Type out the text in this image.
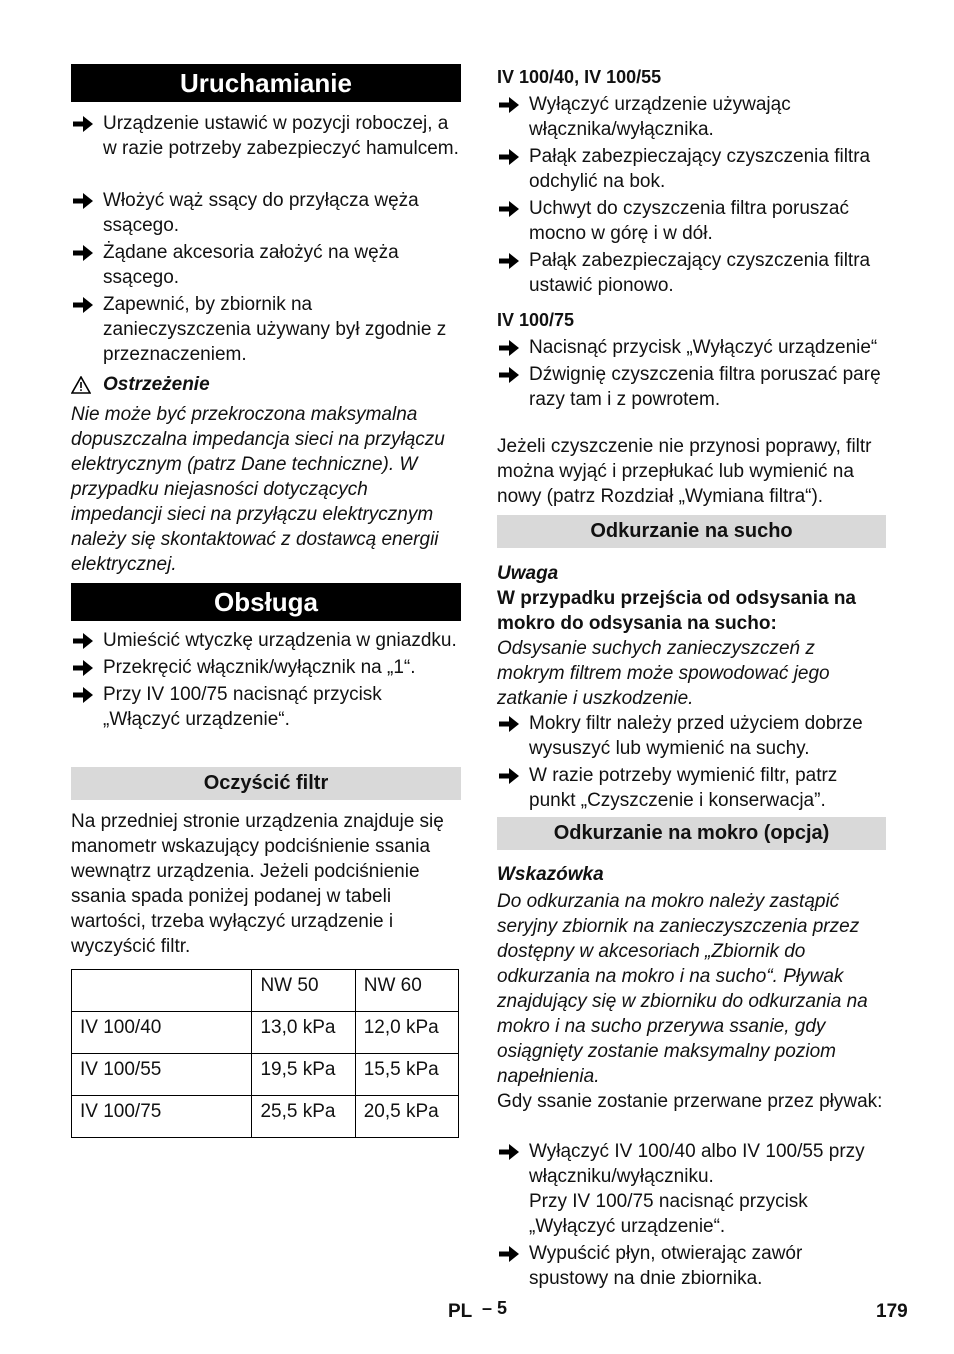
Uruchamianie
Urządzenie ustawić w pozycji roboczej, a w razie potrzeby zabezpieczyć hamulcem.
Włożyć wąż ssący do przyłącza węża ssącego.
Żądane akcesoria założyć na węża ssącego.
Zapewnić, by zbiornik na zanieczyszczenia używany był zgodnie z przeznaczeniem.
Ostrzeżenie
Nie może być przekroczona maksymalna dopuszczalna impedancja sieci na przyłączu elektrycznym (patrz Dane techniczne). W przypadku niejasności dotyczących impedancji sieci na przyłączu elektrycznym należy się skontaktować z dostawcą energii elektrycznej.
Obsługa
Umieścić wtyczkę urządzenia w gniazdku.
Przekręcić włącznik/wyłącznik na „1“.
Przy IV 100/75 nacisnąć przycisk „Włączyć urządzenie“.
Oczyścić filtr
Na przedniej stronie urządzenia znajduje się manometr wskazujący podciśnienie ssania wewnątrz urządzenia. Jeżeli podciśnienie ssania spada poniżej podanej w tabeli wartości, trzeba wyłączyć urządzenie i wyczyścić filtr.
	NW 50	NW 60
IV 100/40	13,0 kPa	12,0 kPa
IV 100/55	19,5 kPa	15,5 kPa
IV 100/75	25,5 kPa	20,5 kPa
IV 100/40, IV 100/55
Wyłączyć urządzenie używając włącznika/wyłącznika.
Pałąk zabezpieczający czyszczenia filtra odchylić na bok.
Uchwyt do czyszczenia filtra poruszać mocno w górę i w dół.
Pałąk zabezpieczający czyszczenia filtra ustawić pionowo.
IV 100/75
Nacisnąć przycisk „Wyłączyć urządzenie“
Dźwignię czyszczenia filtra poruszać parę razy tam i z powrotem.
Jeżeli czyszczenie nie przynosi poprawy, filtr można wyjąć i przepłukać lub wymienić na nowy (patrz Rozdział „Wymiana filtra“).
Odkurzanie na sucho
Uwaga
W przypadku przejścia od odsysania na mokro do odsysania na sucho:
Odsysanie suchych zanieczyszczeń z mokrym filtrem może spowodować jego zatkanie i uszkodzenie.
Mokry filtr należy przed użyciem dobrze wysuszyć lub wymienić na suchy.
W razie potrzeby wymienić filtr, patrz punkt „Czyszczenie i konserwacja”.
Odkurzanie na mokro (opcja)
Wskazówka
Do odkurzania na mokro należy zastąpić seryjny zbiornik na zanieczyszczenia przez dostępny w akcesoriach „Zbiornik do odkurzania na mokro i na sucho“. Pływak znajdujący się w zbiorniku do odkurzania na mokro i na sucho przerywa ssanie, gdy osiągnięty zostanie maksymalny poziom napełnienia.
Gdy ssanie zostanie przerwane przez pływak:
Wyłączyć IV 100/40 albo IV 100/55 przy włączniku/wyłączniku.
Przy IV 100/75 nacisnąć przycisk „Wyłączyć urządzenie“.
Wypuścić płyn, otwierając zawór spustowy na dnie zbiornika.
PL – 5	179
